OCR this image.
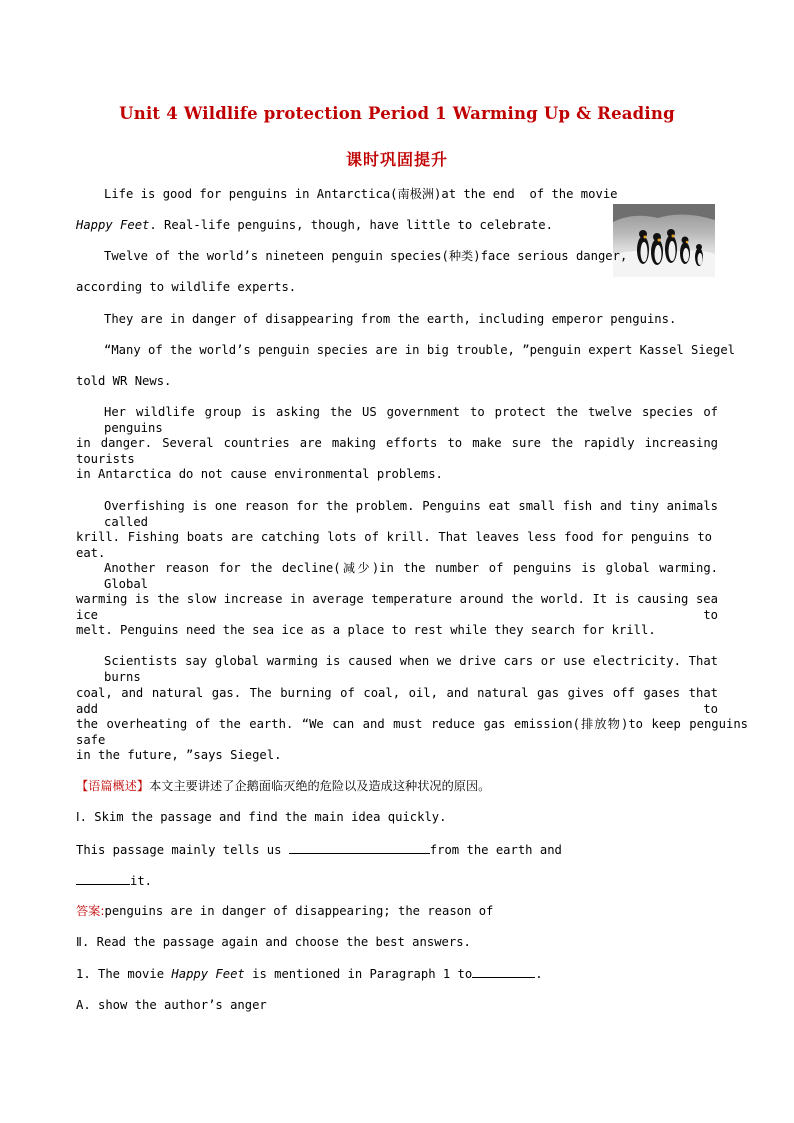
Unit 4 Wildlife protection Period 1 Warming Up & Reading
课时巩固提升
Life is good for penguins in Antarctica(南极洲)at the end  of the movie
Happy Feet. Real-life penguins, though, have little to celebrate.
Twelve of the world’s nineteen penguin species(种类)face serious danger,
according to wildlife experts.
They are in danger of disappearing from the earth, including emperor penguins.
“Many of the world’s penguin species are in big trouble, ”penguin expert Kassel Siegel
told WR News.
Her wildlife group is asking the US government to protect the twelve species of penguins
in danger. Several countries are making efforts to make sure the rapidly increasing tourists
in Antarctica do not cause environmental problems.
Overfishing is one reason for the problem. Penguins eat small fish and tiny animals called
krill. Fishing boats are catching lots of krill. That leaves less food for penguins to eat.
Another reason for the decline(减少)in the number of penguins is global warming. Global
warming is the slow increase in average temperature around the world. It is causing sea ice to
melt. Penguins need the sea ice as a place to rest while they search for krill.
Scientists say global warming is caused when we drive cars or use electricity. That burns
coal, and natural gas. The burning of coal, oil, and natural gas gives off gases that add to
the overheating of the earth. “We can and must reduce gas emission(排放物)to keep penguins safe
in the future, ”says Siegel.
【语篇概述】本文主要讲述了企鹅面临灭绝的危险以及造成这种状况的原因。
Ⅰ. Skim the passage and find the main idea quickly.
This passage mainly tells us	from the earth and
it.
答案:penguins are in danger of disappearing; the reason of
Ⅱ. Read the passage again and choose the best answers.
1. The movie Happy Feet is mentioned in Paragraph 1 to	.
A. show the author’s anger
